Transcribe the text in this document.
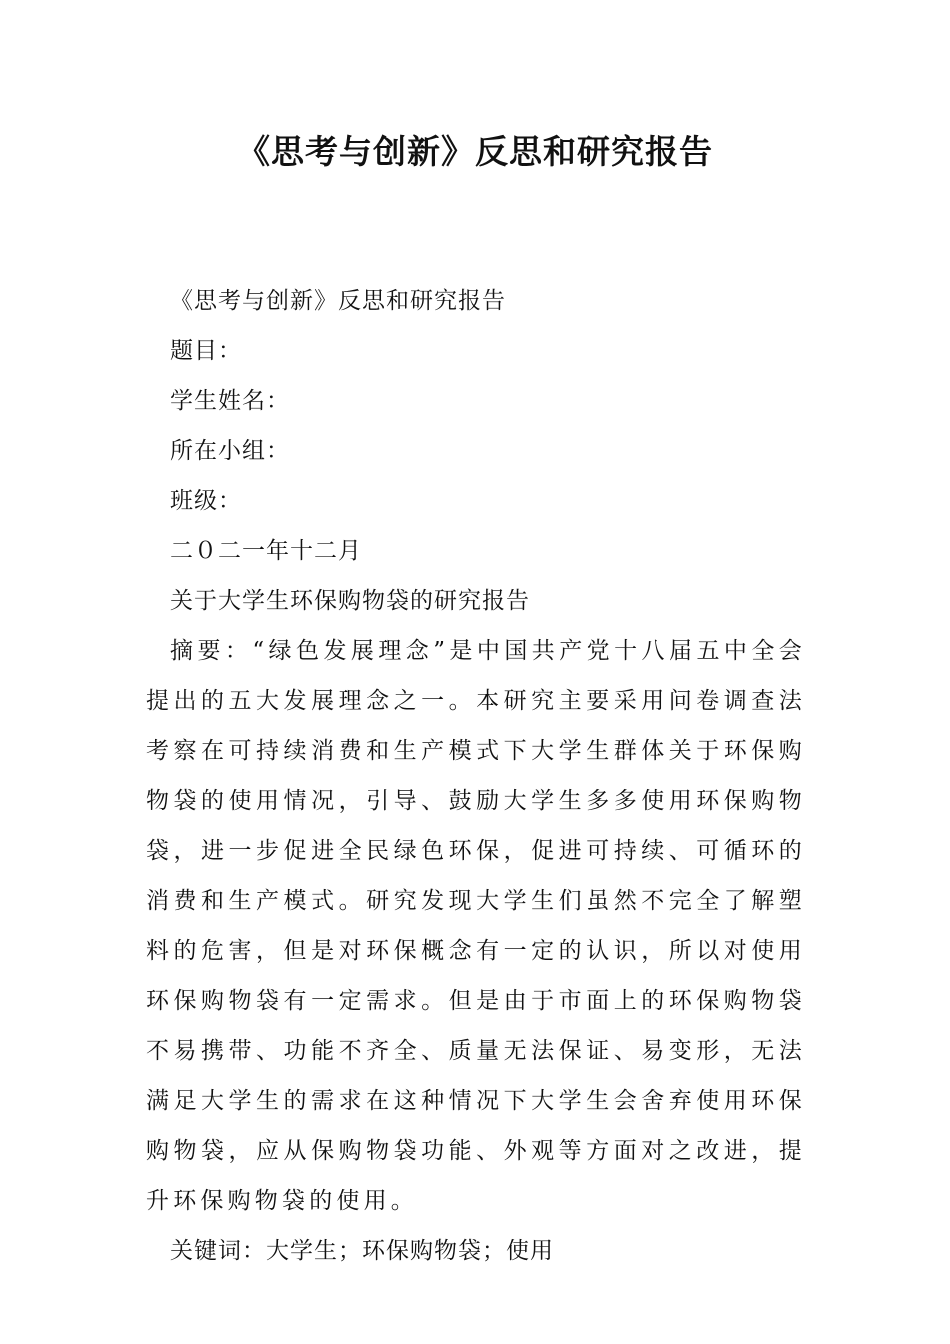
《思考与创新》反思和研究报告

《思考与创新》反思和研究报告

题目：

学生姓名：

所在小组：

班级：

二０二一年十二月

关于大学生环保购物袋的研究报告

摘要：“绿色发展理念”是中国共产党十八届五中全会提出的五大发展理念之一。本研究主要采用问卷调查法考察在可持续消费和生产模式下大学生群体关于环保购物袋的使用情况，引导、鼓励大学生多多使用环保购物袋，进一步促进全民绿色环保，促进可持续、可循环的消费和生产模式。研究发现大学生们虽然不完全了解塑料的危害，但是对环保概念有一定的认识，所以对使用环保购物袋有一定需求。但是由于市面上的环保购物袋不易携带、功能不齐全、质量无法保证、易变形，无法满足大学生的需求在这种情况下大学生会舍弃使用环保购物袋，应从保购物袋功能、外观等方面对之改进，提升环保购物袋的使用。

关键词：大学生；环保购物袋；使用
